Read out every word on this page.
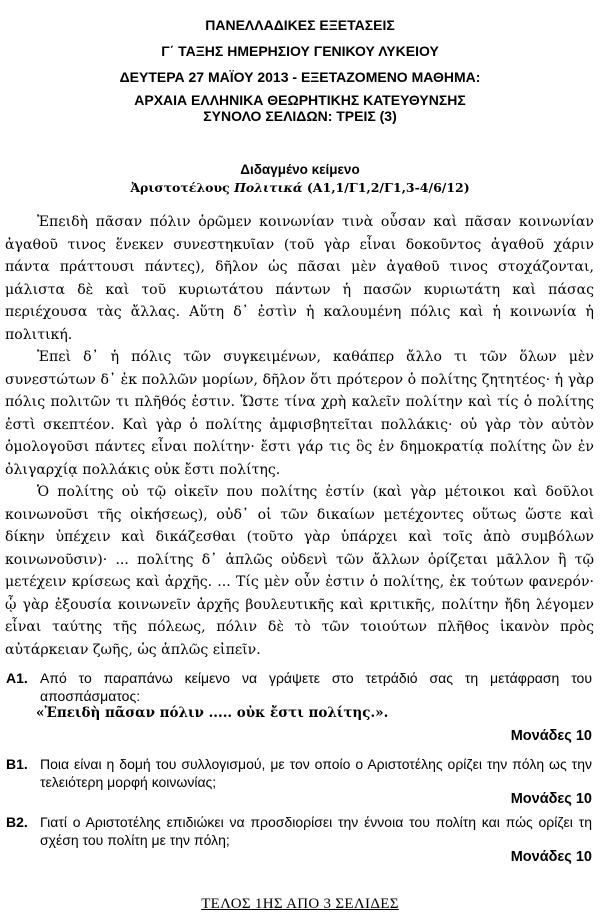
ΠΑΝΕΛΛΑΔΙΚΕΣ ΕΞΕΤΑΣΕΙΣ
Γ΄ ΤΑΞΗΣ ΗΜΕΡΗΣΙΟΥ ΓΕΝΙΚΟΥ ΛΥΚΕΙΟΥ
ΔΕΥΤΕΡΑ 27 ΜΑΪΟΥ 2013 - ΕΞΕΤΑΖΟΜΕΝΟ ΜΑΘΗΜΑ:
ΑΡΧΑΙΑ ΕΛΛΗΝΙΚΑ ΘΕΩΡΗΤΙΚΗΣ ΚΑΤΕΥΘΥΝΣΗΣ
ΣΥΝΟΛΟ ΣΕΛΙΔΩΝ: ΤΡΕΙΣ (3)
Διδαγμένο κείμενο
Ἀριστοτέλους Πολιτικά (Α1,1/Γ1,2/Γ1,3-4/6/12)

Ἐπειδὴ πᾶσαν πόλιν ὁρῶμεν κοινωνίαν τινὰ οὖσαν καὶ πᾶσαν κοινωνίαν ἀγαθοῦ τινος ἕνεκεν συνεστηκυῖαν (τοῦ γὰρ εἶναι δοκοῦντος ἀγαθοῦ χάριν πάντα πράττουσι πάντες), δῆλον ὡς πᾶσαι μὲν ἀγαθοῦ τινος στοχάζονται, μάλιστα δὲ καὶ τοῦ κυριωτάτου πάντων ἡ πασῶν κυριωτάτη καὶ πάσας περιέχουσα τὰς ἄλλας. Αὕτη δ᾽ ἐστὶν ἡ καλουμένη πόλις καὶ ἡ κοινωνία ἡ πολιτική.

Ἐπεὶ δ᾽ ἡ πόλις τῶν συγκειμένων, καθάπερ ἄλλο τι τῶν ὅλων μὲν συνεστώτων δ᾽ ἐκ πολλῶν μορίων, δῆλον ὅτι πρότερον ὁ πολίτης ζητητέος· ἡ γὰρ πόλις πολιτῶν τι πλῆθός ἐστιν. Ὥστε τίνα χρὴ καλεῖν πολίτην καὶ τίς ὁ πολίτης ἐστὶ σκεπτέον. Καὶ γὰρ ὁ πολίτης ἀμφισβητεῖται πολλάκις· οὐ γὰρ τὸν αὐτὸν ὁμολογοῦσι πάντες εἶναι πολίτην· ἔστι γάρ τις ὃς ἐν δημοκρατίᾳ πολίτης ὢν ἐν ὀλιγαρχίᾳ πολλάκις οὐκ ἔστι πολίτης.

Ὁ πολίτης οὐ τῷ οἰκεῖν που πολίτης ἐστίν (καὶ γὰρ μέτοικοι καὶ δοῦλοι κοινωνοῦσι τῆς οἰκήσεως), οὐδ᾽ οἱ τῶν δικαίων μετέχοντες οὕτως ὥστε καὶ δίκην ὑπέχειν καὶ δικάζεσθαι (τοῦτο γὰρ ὑπάρχει καὶ τοῖς ἀπὸ συμβόλων κοινωνοῦσιν)· ... πολίτης δ᾽ ἁπλῶς οὐδενὶ τῶν ἄλλων ὁρίζεται μᾶλλον ἢ τῷ μετέχειν κρίσεως καὶ ἀρχῆς. ... Τίς μὲν οὖν ἐστιν ὁ πολίτης, ἐκ τούτων φανερόν· ᾧ γὰρ ἐξουσία κοινωνεῖν ἀρχῆς βουλευτικῆς καὶ κριτικῆς, πολίτην ἤδη λέγομεν εἶναι ταύτης τῆς πόλεως, πόλιν δὲ τὸ τῶν τοιούτων πλῆθος ἱκανὸν πρὸς αὐτάρκειαν ζωῆς, ὡς ἁπλῶς εἰπεῖν.

A1. Από το παραπάνω κείμενο να γράψετε στο τετράδιό σας τη μετάφραση του αποσπάσματος:
«Ἐπειδὴ πᾶσαν πόλιν ..... οὐκ ἔστι πολίτης.».
Μονάδες 10
B1. Ποια είναι η δομή του συλλογισμού, με τον οποίο ο Αριστοτέλης ορίζει την πόλη ως την τελειότερη μορφή κοινωνίας;
Μονάδες 10
B2. Γιατί ο Αριστοτέλης επιδιώκει να προσδιορίσει την έννοια του πολίτη και πώς ορίζει τη σχέση του πολίτη με την πόλη;
Μονάδες 10
ΤΕΛΟΣ 1ΗΣ ΑΠΟ 3 ΣΕΛΙΔΕΣ
